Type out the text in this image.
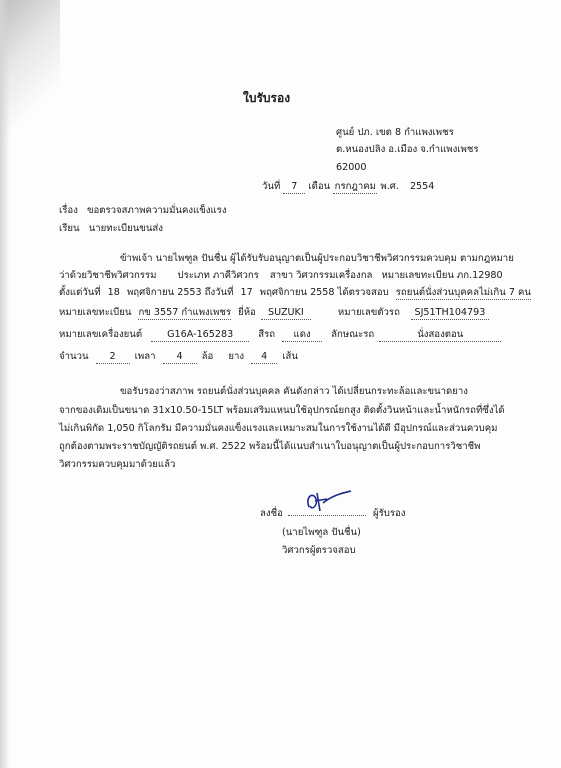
ใบรับรอง
ศูนย์ ปภ. เขต 8 กำแพงเพชร
ต.หนองปลิง อ.เมือง จ.กำแพงเพชร
62000
วันที่ 7 เดือน กรกฎาคม พ.ศ. 2554
เรื่อง ขอตรวจสภาพความมั่นคงแข็งแรง
เรียน นายทะเบียนขนส่ง
ข้าพเจ้า นายไพฑูล ปันชื่น ผู้ได้รับรับอนุญาตเป็นผู้ประกอบวิชาชีพวิศวกรรมควบคุม ตามกฎหมาย
ว่าด้วยวิชาชีพวิศวกรรม ประเภท ภาคีวิศวกร สาขา วิศวกรรมเครื่องกล หมายเลขทะเบียน ภก.12980
ตั้งแต่วันที่ 18 พฤศจิกายน 2553 ถึงวันที่ 17 พฤศจิกายน 2558 ได้ตรวจสอบ รถยนต์นั่งส่วนบุคคลไม่เกิน 7 คน
หมายเลขทะเบียน กข 3557 กำแพงเพชร ยี่ห้อ SUZUKI	หมายเลขตัวรถ SJ51TH104793
หมายเลขเครื่องยนต์	G16A-165283	สีรถ แดง ลักษณะรถ	นั่งสองตอน
จำนวน 2 เพลา 4 ล้อ ยาง 4 เส้น
ขอรับรองว่าสภาพ รถยนต์นั่งส่วนบุคคล คันดังกล่าว ได้เปลี่ยนกระทะล้อและขนาดยาง
จากของเดิมเป็นขนาด 31x10.50-15LT พร้อมเสริมแหนบใช้อุปกรณ์ยกสูง ติดตั้งวินหน้าและน้ำหนักรถที่ซึ่งได้
ไม่เกินพิกัด 1,050 กิโลกรัม มีความมั่นคงแข็งแรงและเหมาะสมในการใช้งานได้ดี มีอุปกรณ์และส่วนควบคุม
ถูกต้องตามพระราชบัญญัติรถยนต์ พ.ศ. 2522 พร้อมนี้ได้แนบสำเนาใบอนุญาตเป็นผู้ประกอบการวิชาชีพ
วิศวกรรมควบคุมมาด้วยแล้ว
ลงชื่อ	ผู้รับรอง
(นายไพฑูล ปันชื่น)
วิศวกรผู้ตรวจสอบ
